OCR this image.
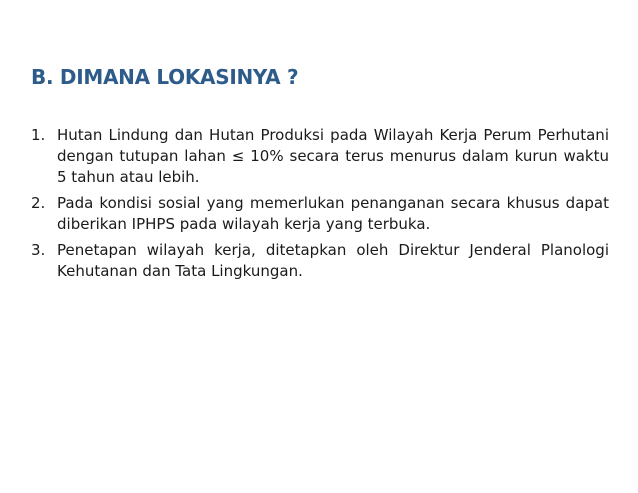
B. DIMANA LOKASINYA ?
1. Hutan Lindung dan Hutan Produksi pada Wilayah Kerja Perum Perhutani dengan tutupan lahan ≤ 10% secara terus menurus dalam kurun waktu 5 tahun atau lebih.
2. Pada kondisi sosial yang memerlukan penanganan secara khusus dapat diberikan IPHPS pada wilayah kerja yang terbuka.
3. Penetapan wilayah kerja, ditetapkan oleh Direktur Jenderal Planologi Kehutanan dan Tata Lingkungan.
